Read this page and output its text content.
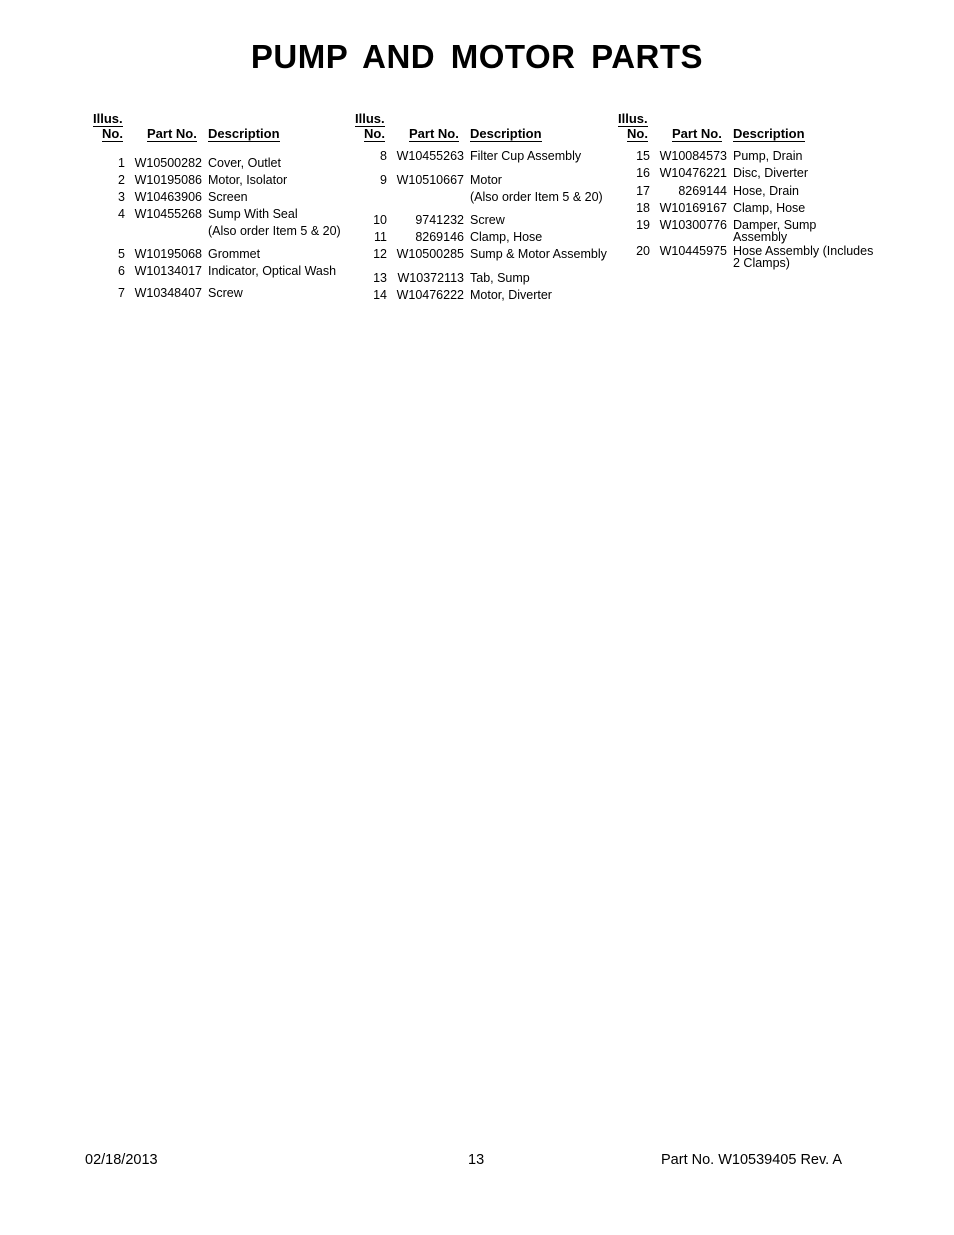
PUMP AND MOTOR PARTS
Illus.
No. Part No. Description
1 W10500282 Cover, Outlet
2 W10195086 Motor, Isolator
3 W10463906 Screen
4 W10455268 Sump With Seal
(Also order Item 5 & 20)
5 W10195068 Grommet
6 W10134017 Indicator, Optical Wash
7 W10348407 Screw
Illus.
No. Part No. Description
8 W10455263 Filter Cup Assembly
9 W10510667 Motor
(Also order Item 5 & 20)
10	9741232 Screw
11	8269146 Clamp, Hose
12 W10500285 Sump & Motor Assembly
13 W10372113 Tab, Sump
14 W10476222 Motor, Diverter
Illus.
No. Part No. Description
15 W10084573 Pump, Drain
16 W10476221 Disc, Diverter
17	8269144 Hose, Drain
18 W10169167 Clamp, Hose
19 W10300776 Damper, Sump
Assembly
20 W10445975 Hose Assembly (Includes
2 Clamps)
02/18/2013	13	Part No. W10539405 Rev. A
